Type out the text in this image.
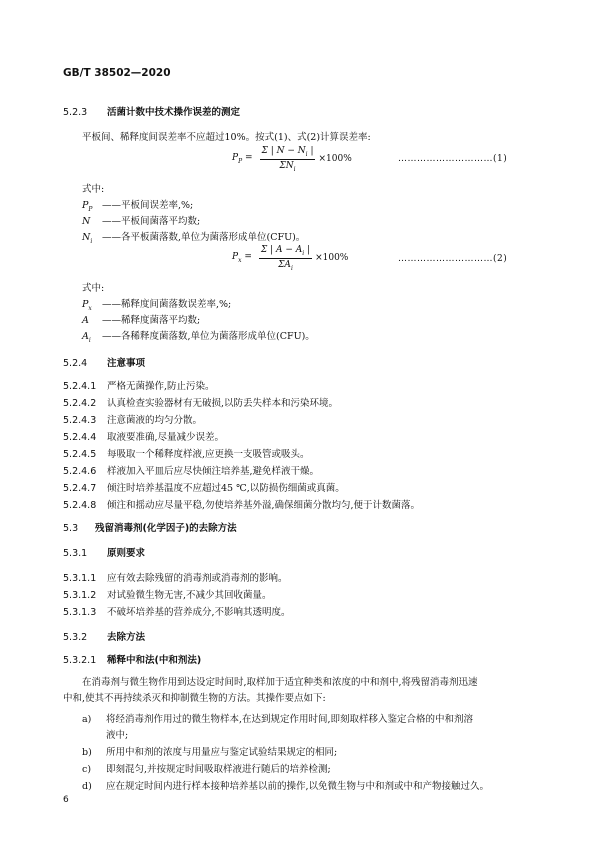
GB/T 38502—2020
5.2.3 活菌计数中技术操作误差的测定
平板间、稀释度间误差率不应超过10%。按式(1)、式(2)计算误差率:
$P_P = \frac{\Sigma | N - N_i |}{\Sigma N_i} \times 100\%$	…………………………(1)
式中:
$P_P$ ——平板间误差率,%;
N ——平板间菌落平均数;
$N_i$ ——各平板菌落数,单位为菌落形成单位(CFU)。
$P_x = \frac{\Sigma | A - A_i |}{\Sigma A_i} \times 100\%$	…………………………(2)
式中:
$P_x$ ——稀释度间菌落数误差率,%;
A ——稀释度菌落平均数;
$A_i$ ——各稀释度菌落数,单位为菌落形成单位(CFU)。
5.2.4 注意事项
5.2.4.1 严格无菌操作,防止污染。
5.2.4.2 认真检查实验器材有无破损,以防丢失样本和污染环境。
5.2.4.3 注意菌液的均匀分散。
5.2.4.4 取液要准确,尽量减少误差。
5.2.4.5 每吸取一个稀释度样液,应更换一支吸管或吸头。
5.2.4.6 样液加入平皿后应尽快倾注培养基,避免样液干燥。
5.2.4.7 倾注时培养基温度不应超过45 ℃,以防损伤细菌或真菌。
5.2.4.8 倾注和摇动应尽量平稳,勿使培养基外溢,确保细菌分散均匀,便于计数菌落。
5.3 残留消毒剂(化学因子)的去除方法
5.3.1 原则要求
5.3.1.1 应有效去除残留的消毒剂或消毒剂的影响。
5.3.1.2 对试验微生物无害,不减少其回收菌量。
5.3.1.3 不破坏培养基的营养成分,不影响其透明度。
5.3.2 去除方法
5.3.2.1 稀释中和法(中和剂法)
在消毒剂与微生物作用到达设定时间时,取样加于适宜种类和浓度的中和剂中,将残留消毒剂迅速
中和,使其不再持续杀灭和抑制微生物的方法。其操作要点如下:
a) 将经消毒剂作用过的微生物样本,在达到规定作用时间,即刻取样移入鉴定合格的中和剂溶
液中;
b) 所用中和剂的浓度与用量应与鉴定试验结果规定的相同;
c) 即刻混匀,并按规定时间吸取样液进行随后的培养检测;
d) 应在规定时间内进行样本接种培养基以前的操作,以免微生物与中和剂或中和产物接触过久。
6
